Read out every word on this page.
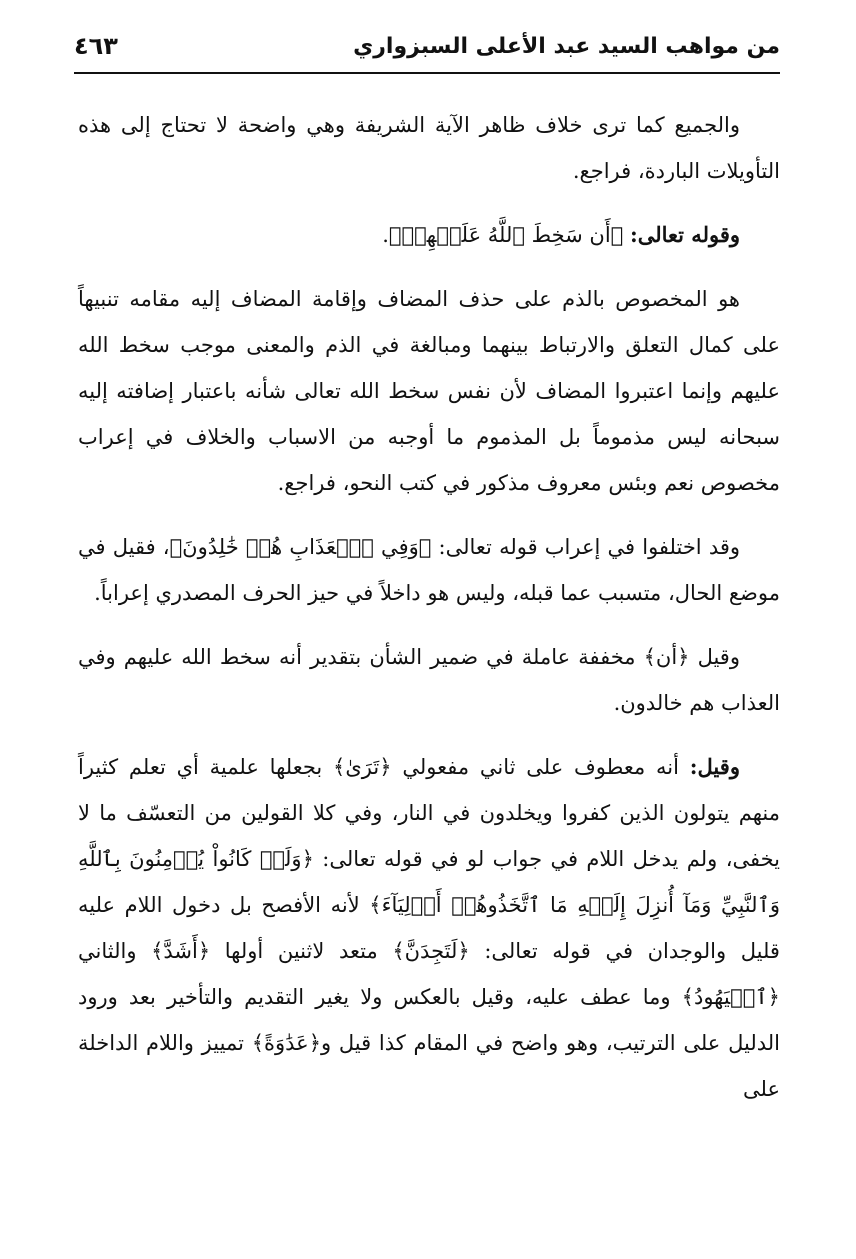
من مواهب السيد عبد الأعلى السبزواري
٤٦٣

والجميع كما ترى خلاف ظاهر الآية الشريفة وهي واضحة لا تحتاج إلى هذه التأويلات الباردة، فراجع.

وقوله تعالى: ﴿أَن سَخِطَ ٱللَّهُ عَلَيۡهِمۡ﴾.

هو المخصوص بالذم على حذف المضاف وإقامة المضاف إليه مقامه تنبيهاً على كمال التعلق والارتباط بينهما ومبالغة في الذم والمعنى موجب سخط الله عليهم وإنما اعتبروا المضاف لأن نفس سخط الله تعالى شأنه باعتبار إضافته إليه سبحانه ليس مذموماً بل المذموم ما أوجبه من الاسباب والخلاف في إعراب مخصوص نعم وبئس معروف مذكور في كتب النحو، فراجع.

وقد اختلفوا في إعراب قوله تعالى: ﴿وَفِي ٱلۡعَذَابِ هُمۡ خَٰلِدُونَ﴾، فقيل في موضع الحال، متسبب عما قبله، وليس هو داخلاً في حيز الحرف المصدري إعراباً.

وقيل ﴿أن﴾ مخففة عاملة في ضمير الشأن بتقدير أنه سخط الله عليهم وفي العذاب هم خالدون.

وقيل: أنه معطوف على ثاني مفعولي ﴿تَرَىٰ﴾ بجعلها علمية أي تعلم كثيراً منهم يتولون الذين كفروا ويخلدون في النار، وفي كلا القولين من التعسّف ما لا يخفى، ولم يدخل اللام في جواب لو في قوله تعالى: ﴿وَلَوۡ كَانُواْ يُؤۡمِنُونَ بِٱللَّهِ وَٱلنَّبِيِّ وَمَآ أُنزِلَ إِلَيۡهِ مَا ٱتَّخَذُوهُمۡ أَوۡلِيَآءَ﴾ لأنه الأفصح بل دخول اللام عليه قليل والوجدان في قوله تعالى: ﴿لَتَجِدَنَّ﴾ متعد لاثنين أولها ﴿أَشَدَّ﴾ والثاني ﴿ٱلۡيَهُودُ﴾ وما عطف عليه، وقيل بالعكس ولا يغير التقديم والتأخير بعد ورود الدليل على الترتيب، وهو واضح في المقام كذا قيل و﴿عَدَٰوَةً﴾ تمييز واللام الداخلة على
